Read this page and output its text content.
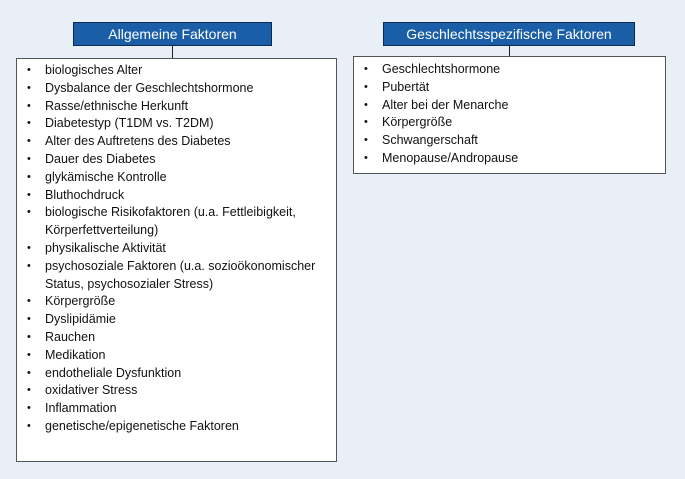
Allgemeine Faktoren
• biologisches Alter
• Dysbalance der Geschlechtshormone
• Rasse/ethnische Herkunft
• Diabetestyp (T1DM vs. T2DM)
• Alter des Auftretens des Diabetes
• Dauer des Diabetes
• glykämische Kontrolle
• Bluthochdruck
• biologische Risikofaktoren (u.a. Fettleibigkeit, Körperfettverteilung)
• physikalische Aktivität
• psychosoziale Faktoren (u.a. sozioökonomischer Status, psychosozialer Stress)
• Körpergröße
• Dyslipidämie
• Rauchen
• Medikation
• endotheliale Dysfunktion
• oxidativer Stress
• Inflammation
• genetische/epigenetische Faktoren
Geschlechtsspezifische Faktoren
• Geschlechtshormone
• Pubertät
• Alter bei der Menarche
• Körpergröße
• Schwangerschaft
• Menopause/Andropause
